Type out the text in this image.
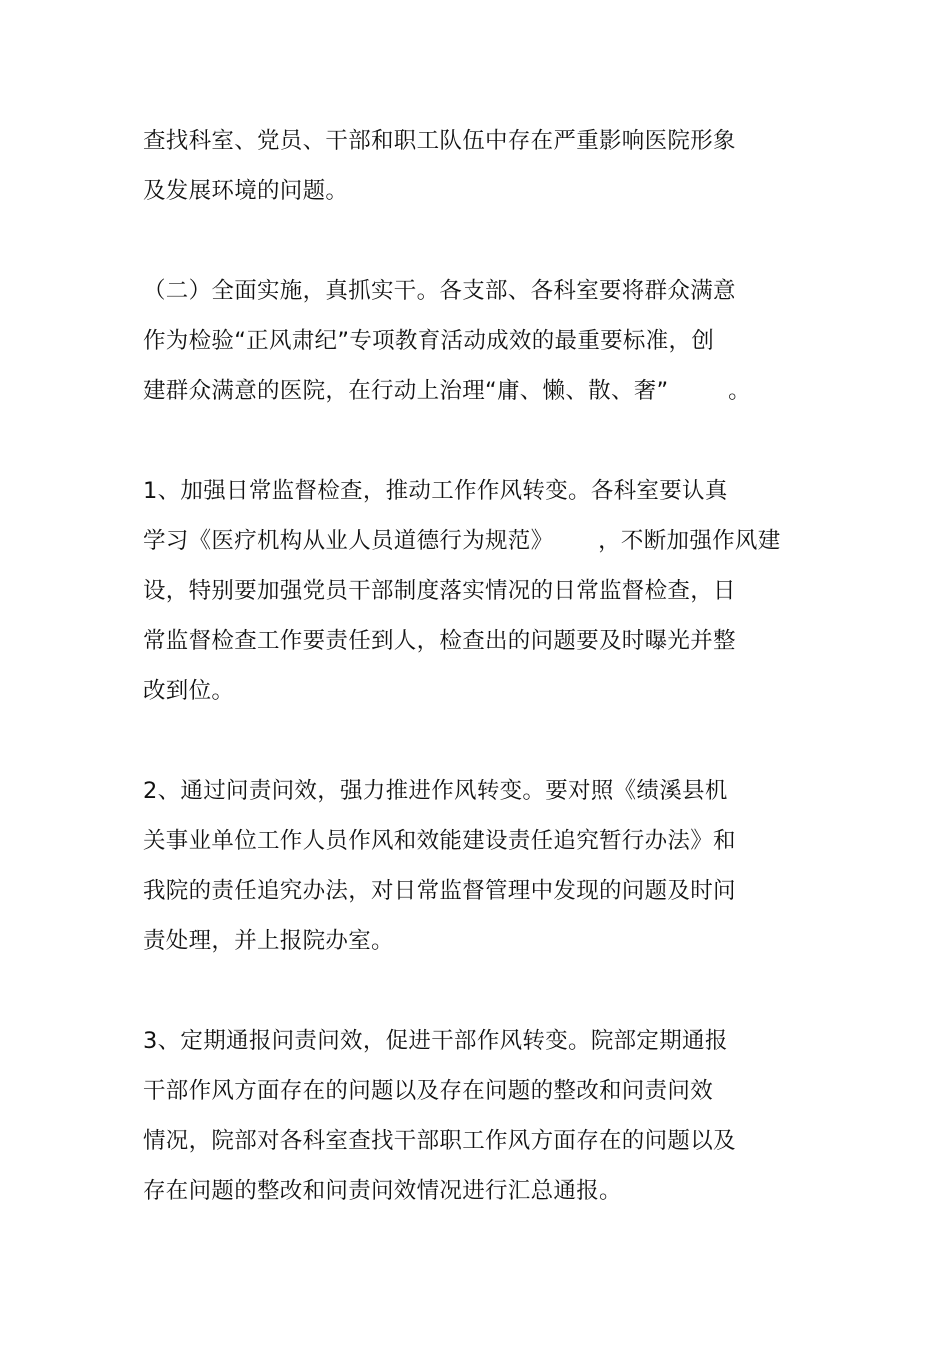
查找科室、党员、干部和职工队伍中存在严重影响医院形象

及发展环境的问题。

（二）全面实施，真抓实干。各支部、各科室要将群众满意

作为检验“正风肃纪”专项教育活动成效的最重要标准，创

建群众满意的医院，在行动上治理“庸、懒、散、奢”        。

1、加强日常监督检查，推动工作作风转变。各科室要认真

学习《医疗机构从业人员道德行为规范》      ，不断加强作风建

设，特别要加强党员干部制度落实情况的日常监督检查，日

常监督检查工作要责任到人，检查出的问题要及时曝光并整

改到位。

2、通过问责问效，强力推进作风转变。要对照《绩溪县机

关事业单位工作人员作风和效能建设责任追究暂行办法》和

我院的责任追究办法，对日常监督管理中发现的问题及时问

责处理，并上报院办室。

3、定期通报问责问效，促进干部作风转变。院部定期通报

干部作风方面存在的问题以及存在问题的整改和问责问效

情况，院部对各科室查找干部职工作风方面存在的问题以及

存在问题的整改和问责问效情况进行汇总通报。
